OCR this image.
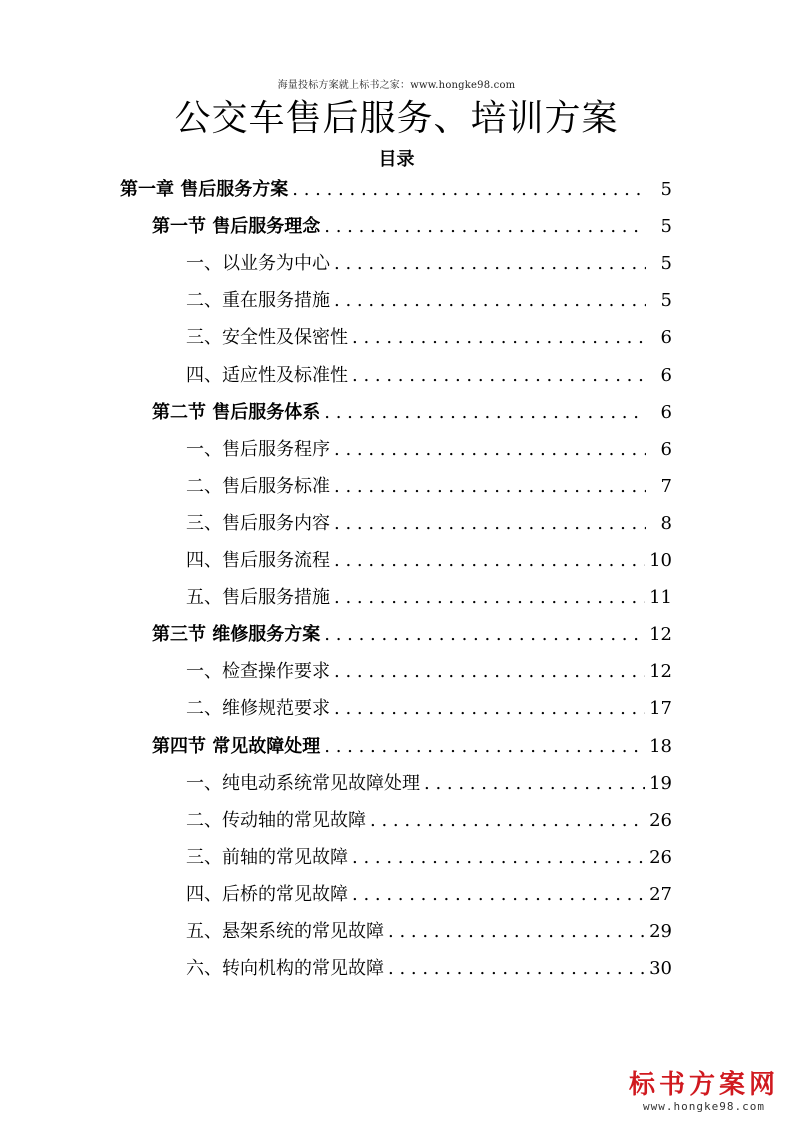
海量投标方案就上标书之家：www.hongke98.com
公交车售后服务、培训方案
目录
第一章 售后服务方案 . . .	5
第一节 售后服务理念 . . .	5
一、以业务为中心 . . .	5
二、重在服务措施 . . .	5
三、安全性及保密性 . . .	6
四、适应性及标准性 . . .	6
第二节 售后服务体系 . . .	6
一、售后服务程序 . . .	6
二、售后服务标准 . . .	7
三、售后服务内容 . . .	8
四、售后服务流程 . . .	10
五、售后服务措施 . . .	11
第三节 维修服务方案 . . .	12
一、检查操作要求 . . .	12
二、维修规范要求 . . .	17
第四节 常见故障处理 . . .	18
一、纯电动系统常见故障处理 . . .	19
二、传动轴的常见故障 . . .	26
三、前轴的常见故障 . . .	26
四、后桥的常见故障 . . .	27
五、悬架系统的常见故障 . . .	29
六、转向机构的常见故障 . . .	30
标书方案网
www.hongke98.com
